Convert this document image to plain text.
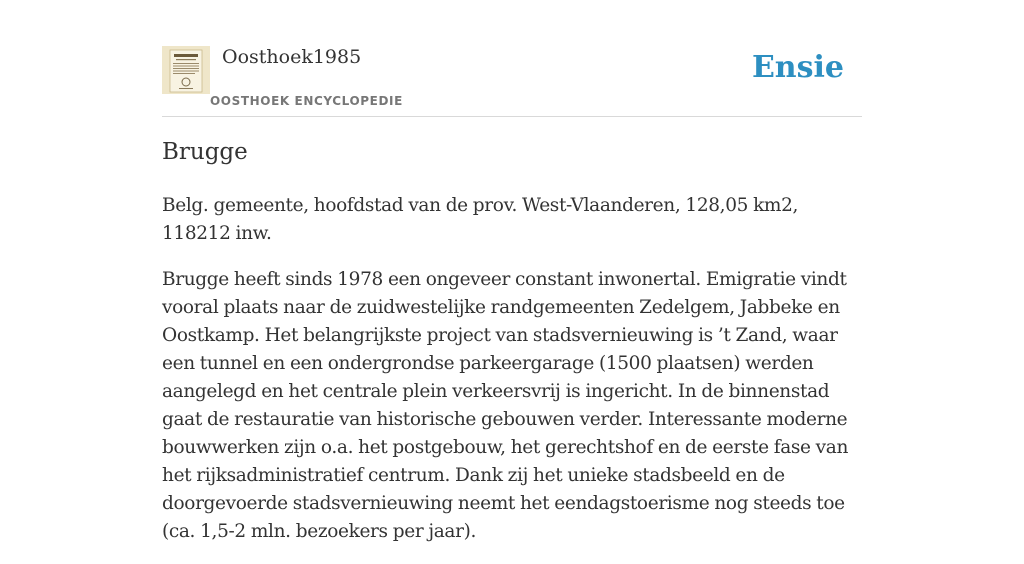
Oosthoek1985
OOSTHOEK ENCYCLOPEDIE
Ensie
Brugge

Belg. gemeente, hoofdstad van de prov. West-Vlaanderen, 128,05 km2, 118212 inw.

Brugge heeft sinds 1978 een ongeveer constant inwonertal. Emigratie vindt vooral plaats naar de zuidwestelijke randgemeenten Zedelgem, Jabbeke en Oostkamp. Het belangrijkste project van stadsvernieuwing is ’t Zand, waar een tunnel en een ondergrondse parkeergarage (1500 plaatsen) werden aangelegd en het centrale plein verkeersvrij is ingericht. In de binnenstad gaat de restauratie van historische gebouwen verder. Interessante moderne bouwwerken zijn o.a. het postgebouw, het gerechtshof en de eerste fase van het rijksadministratief centrum. Dank zij het unieke stadsbeeld en de doorgevoerde stadsvernieuwing neemt het eendagstoerisme nog steeds toe (ca. 1,5-2 mln. bezoekers per jaar).
